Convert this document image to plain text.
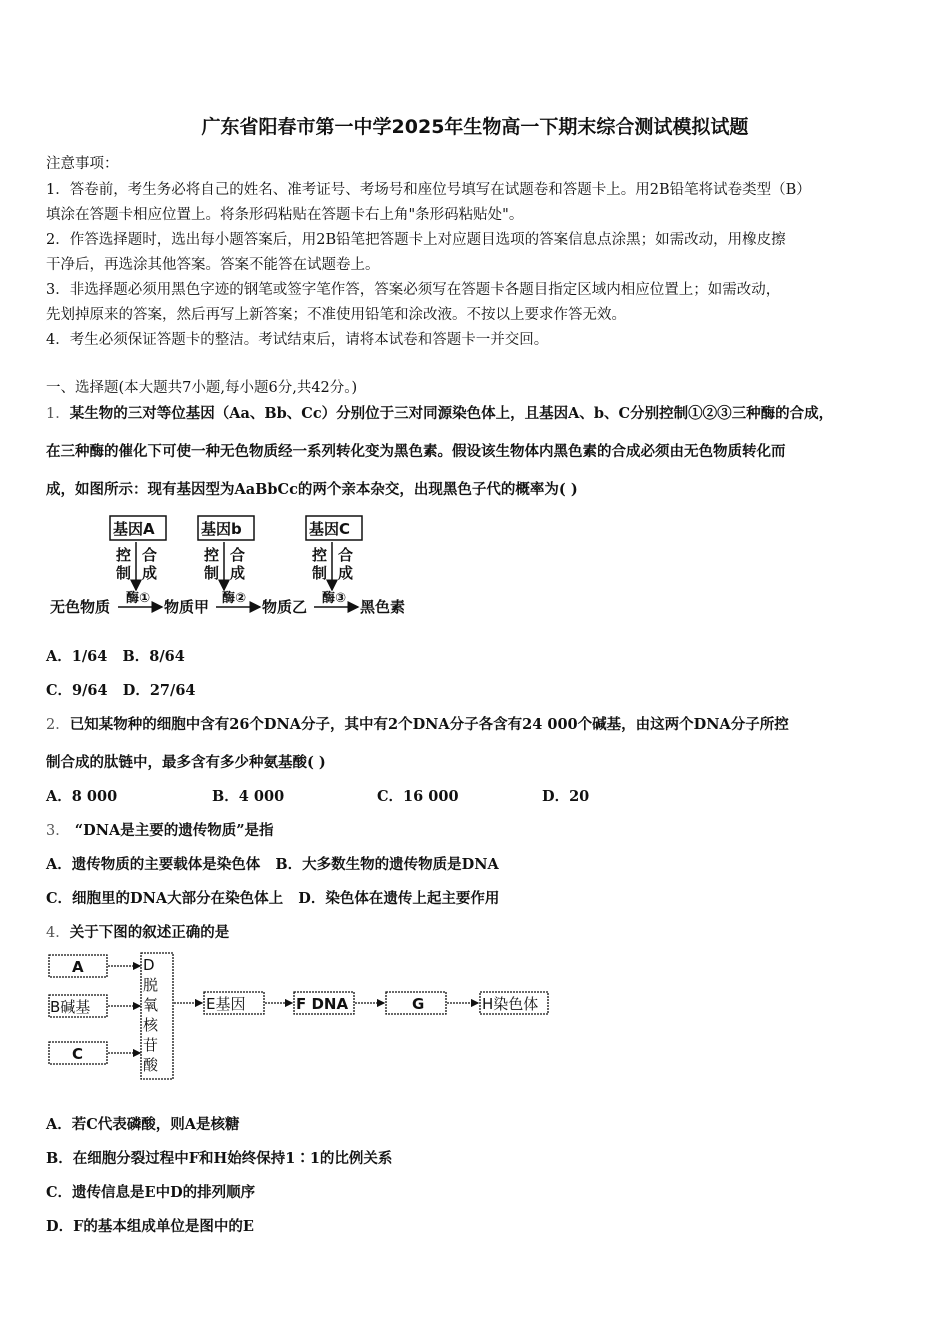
广东省阳春市第一中学2025年生物高一下期末综合测试模拟试题
注意事项：
1．答卷前，考生务必将自己的姓名、准考证号、考场号和座位号填写在试题卷和答题卡上。用2B铅笔将试卷类型（B）
填涂在答题卡相应位置上。将条形码粘贴在答题卡右上角"条形码粘贴处"。
2．作答选择题时，选出每小题答案后，用2B铅笔把答题卡上对应题目选项的答案信息点涂黑；如需改动，用橡皮擦
干净后，再选涂其他答案。答案不能答在试题卷上。
3．非选择题必须用黑色字迹的钢笔或签字笔作答，答案必须写在答题卡各题目指定区域内相应位置上；如需改动，
先划掉原来的答案，然后再写上新答案；不准使用铅笔和涂改液。不按以上要求作答无效。
4．考生必须保证答题卡的整洁。考试结束后，请将本试卷和答题卡一并交回。
一、选择题(本大题共7小题,每小题6分,共42分。)
1．某生物的三对等位基因（Aa、Bb、Cc）分别位于三对同源染色体上，且基因A、b、C分别控制①②③三种酶的合成，
在三种酶的催化下可使一种无色物质经一系列转化变为黑色素。假设该生物体内黑色素的合成必须由无色物质转化而
成，如图所示：现有基因型为AaBbCc的两个亲本杂交，出现黑色子代的概率为( )
基因A	基因b	基因C
控
制
合
成
控
制
合
成
控
制
合
成
无色物质 酶① 物质甲 酶② 物质乙 酶③ 黑色素
A．1/64 B．8/64
C．9/64 D．27/64
2．已知某物种的细胞中含有26个DNA分子，其中有2个DNA分子各含有24 000个碱基，由这两个DNA分子所控
制合成的肽链中，最多含有多少种氨基酸( )
A．8 000	B．4 000	C．16 000	D．20
3． “DNA是主要的遗传物质”是指
A．遗传物质的主要载体是染色体 B．大多数生物的遗传物质是DNA
C．细胞里的DNA大部分在染色体上 D．染色体在遗传上起主要作用
4．关于下图的叙述正确的是
A
B碱基
C
D
脱
氧
核
苷
酸
E基因	F DNA	G	H染色体
A．若C代表磷酸，则A是核糖
B．在细胞分裂过程中F和H始终保持1∶1的比例关系
C．遗传信息是E中D的排列顺序
D．F的基本组成单位是图中的E
